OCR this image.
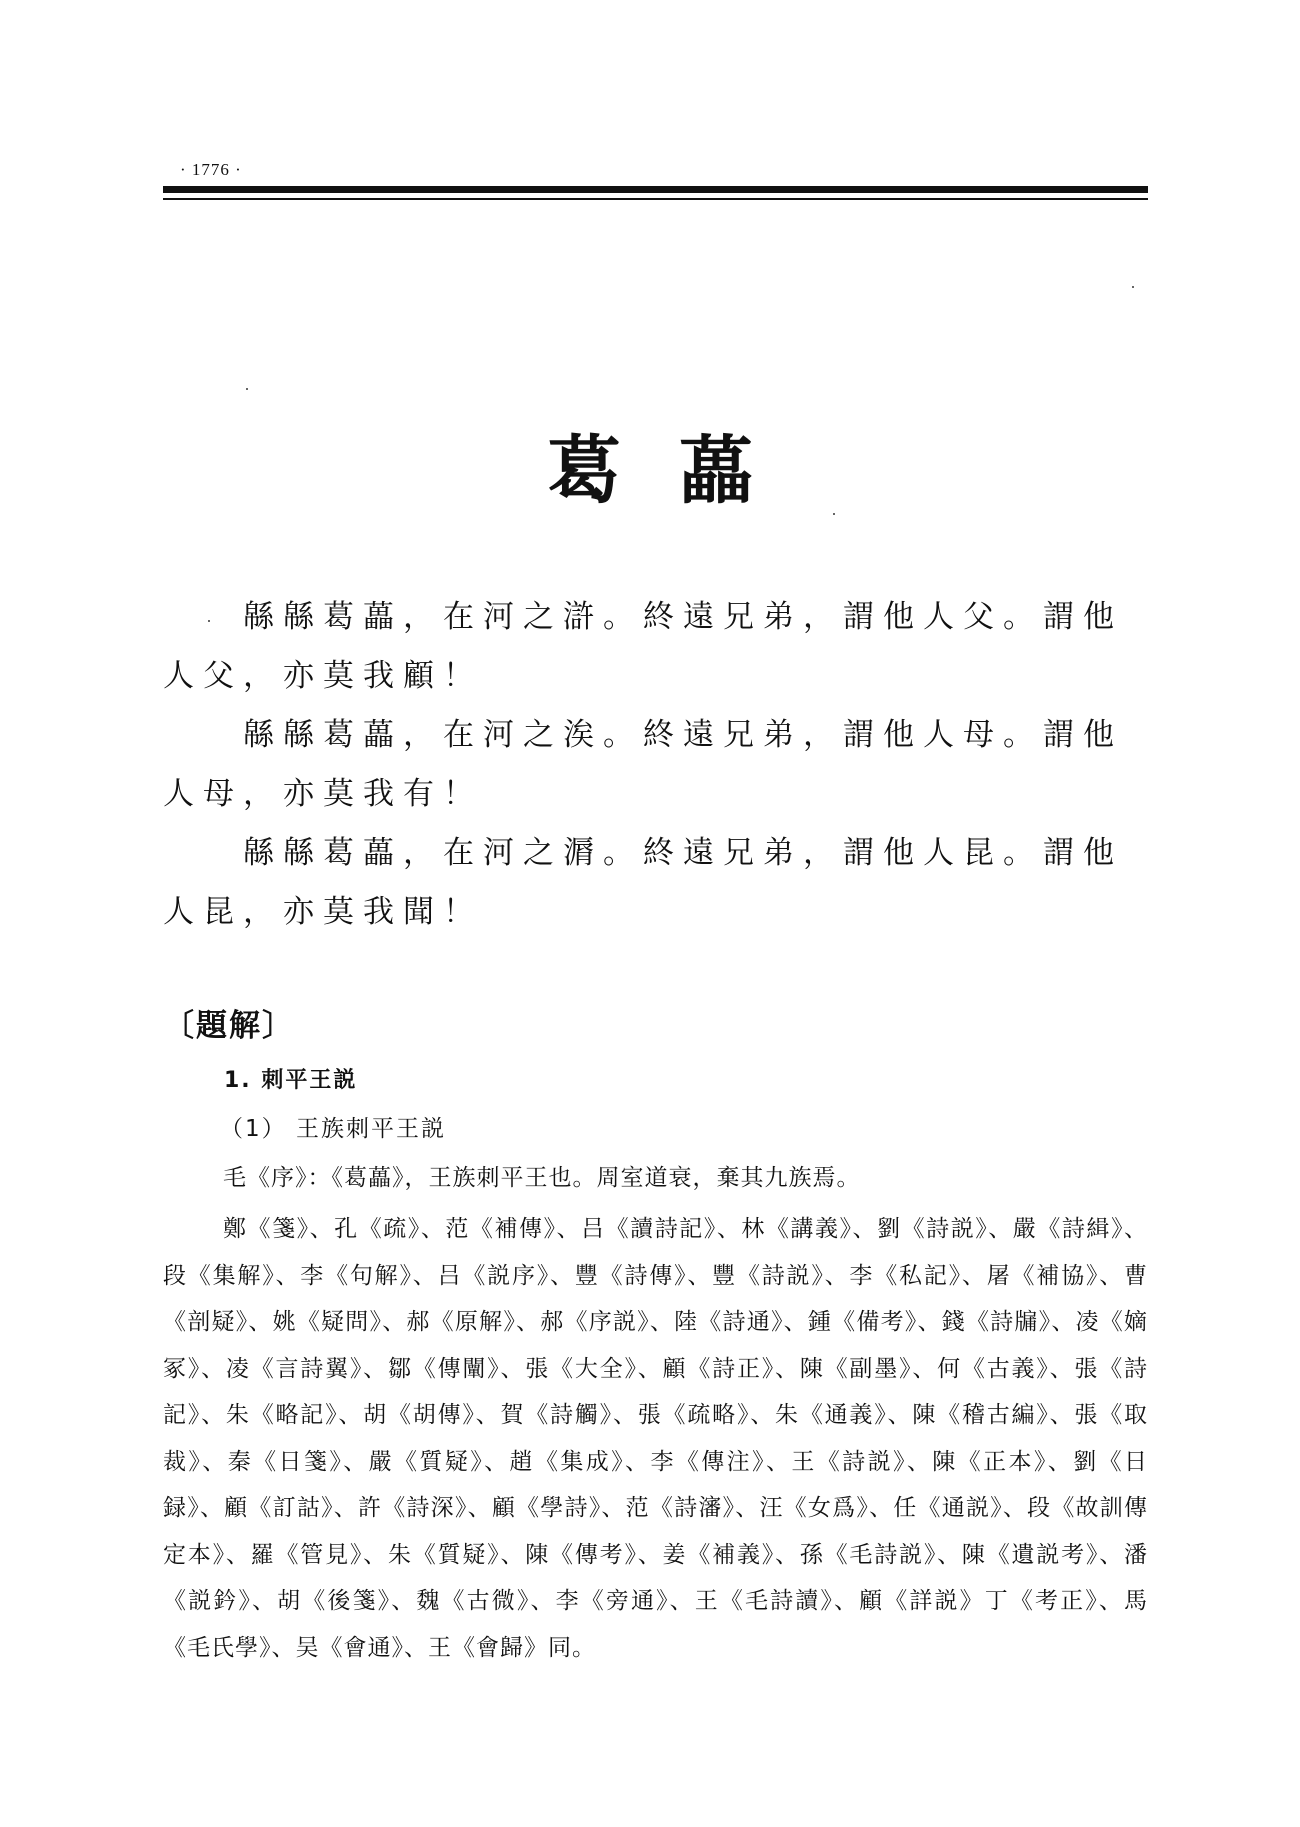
· 1776 ·
葛藟

緜緜葛藟，在河之滸。終遠兄弟，謂他人父。謂他人父，亦莫我顧！

緜緜葛藟，在河之涘。終遠兄弟，謂他人母。謂他人母，亦莫我有！

緜緜葛藟，在河之漘。終遠兄弟，謂他人昆。謂他人昆，亦莫我聞！

〔題解〕
1. 刺平王説
（1） 王族刺平王説

毛《序》：《葛藟》，王族刺平王也。周室道衰，棄其九族焉。

鄭《箋》、孔《疏》、范《補傳》、吕《讀詩記》、林《講義》、劉《詩説》、嚴《詩緝》、段《集解》、李《句解》、吕《説序》、豐《詩傳》、豐《詩説》、李《私記》、屠《補協》、曹《剖疑》、姚《疑問》、郝《原解》、郝《序説》、陸《詩通》、鍾《備考》、錢《詩牖》、凌《嫡冢》、凌《言詩翼》、鄒《傳闡》、張《大全》、顧《詩正》、陳《副墨》、何《古義》、張《詩記》、朱《略記》、胡《胡傳》、賀《詩觸》、張《疏略》、朱《通義》、陳《稽古編》、張《取裁》、秦《日箋》、嚴《質疑》、趙《集成》、李《傳注》、王《詩説》、陳《正本》、劉《日録》、顧《訂詁》、許《詩深》、顧《學詩》、范《詩瀋》、汪《女爲》、任《通説》、段《故訓傳定本》、羅《管見》、朱《質疑》、陳《傳考》、姜《補義》、孫《毛詩説》、陳《遺説考》、潘《説鈐》、胡《後箋》、魏《古微》、李《旁通》、王《毛詩讀》、顧《詳説》丁《考正》、馬《毛氏學》、吴《會通》、王《會歸》同。
